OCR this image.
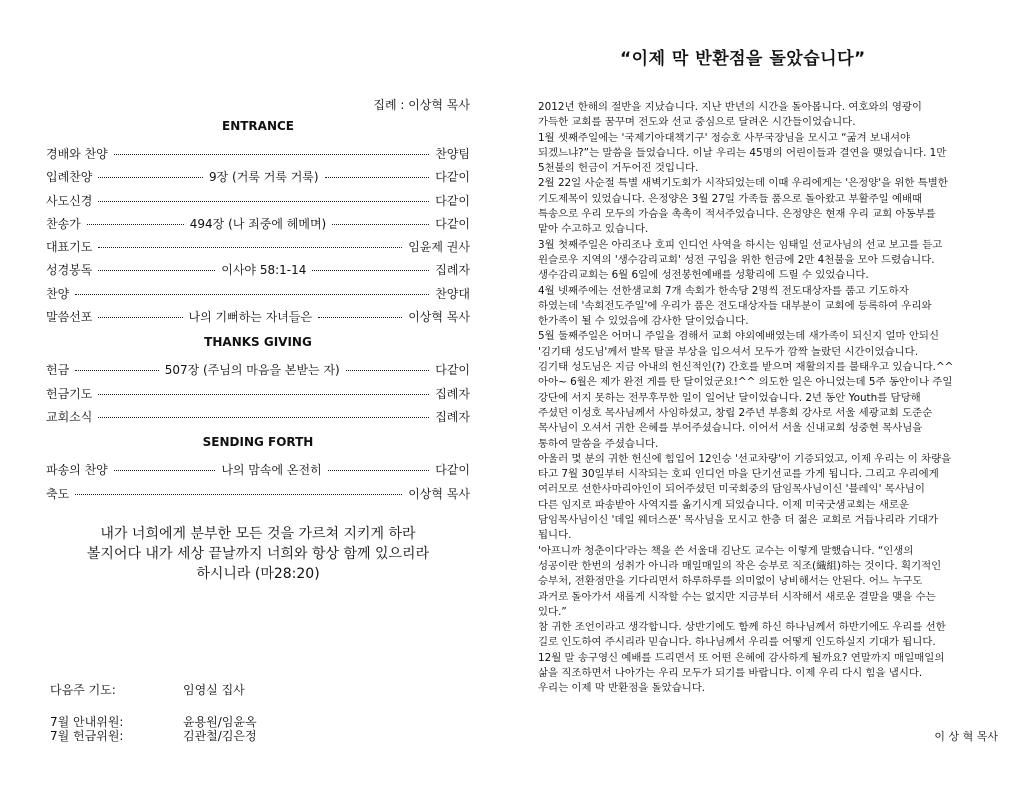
집례 : 이상혁 목사
ENTRANCE
경배와 찬양	찬양팀
입례찬양	9장 (거룩 거룩 거룩)	다같이
사도신경	다같이
찬송가	494장 (나 죄중에 헤메며)	다같이
대표기도	임윤제 권사
성경봉독	이사야 58:1-14	집례자
찬양	찬양대
말씀선포	나의 기뻐하는 자녀들은	이상혁 목사
THANKS GIVING
헌금	507장 (주님의 마음을 본받는 자)	다같이
헌금기도	집례자
교회소식	집례자
SENDING FORTH
파송의 찬양	나의 맘속에 온전히	다같이
축도	이상혁 목사
내가 너희에게 분부한 모든 것을 가르쳐 지키게 하라
볼지어다 내가 세상 끝날까지 너희와 항상 함께 있으리라
하시니라 (마28:20)
다음주 기도:	임영실 집사
7월 안내위원:	윤용원/임윤옥
7월 헌금위원:	김관철/김은정
“이제 막 반환점을 돌았습니다”

2012년 한해의 절반을 지났습니다. 지난 반년의 시간을 돌아봅니다. 여호와의 영광이

가득한 교회를 꿈꾸며 전도와 선교 중심으로 달려온 시간들이었습니다.

1월 셋째주일에는 '국제기아대책기구' 정승호 사무국장님을 모시고 “굶겨 보내셔야

되겠느냐?”는 말씀을 들었습니다. 이날 우리는 45명의 어린이들과 결연을 맺었습니다. 1만

5천불의 헌금이 거두어진 것입니다.

2월 22일 사순절 특별 새벽기도회가 시작되었는데 이때 우리에게는 '은정양'을 위한 특별한

기도제목이 있었습니다. 은정양은 3월 27일 가족들 품으로 돌아왔고 부활주일 예배때

특송으로 우리 모두의 가슴을 촉촉이 적셔주었습니다. 은정양은 현재 우리 교회 아동부를

맡아 수고하고 있습니다.

3월 첫째주일은 아리조나 호피 인디언 사역을 하시는 임태일 선교사님의 선교 보고를 듣고

윈슬로우 지역의 '생수감리교회' 성전 구입을 위한 헌금에 2만 4천불을 모아 드렸습니다.

생수감리교회는 6월 6일에 성전봉헌예배를 성황리에 드릴 수 있었습니다.

4월 넷째주에는 선한샘교회 7개 속회가 한속당 2명씩 전도대상자를 품고 기도하자

하였는데 '속회전도주일'에 우리가 품은 전도대상자들 대부분이 교회에 등록하여 우리와

한가족이 될 수 있었음에 감사한 달이었습니다.

5월 둘째주일은 어머니 주일을 겸해서 교회 야외예배였는데 새가족이 되신지 얼마 안되신

'김기태 성도님'께서 발목 탈골 부상을 입으셔서 모두가 깜짝 놀랐던 시간이었습니다.

김기태 성도님은 지금 아내의 헌신적인(?) 간호를 받으며 재활의지를 불태우고 있습니다.^^

아아~ 6월은 제가 완전 게를 탄 달이었군요!^^ 의도한 일은 아니었는데 5주 동안이나 주일

강단에 서지 못하는 전무후무한 일이 일어난 달이었습니다. 2년 동안 Youth를 담당해

주셨던 이성호 목사님께서 사임하셨고, 창립 2주년 부흥회 강사로 서울 세광교회 도준순

목사님이 오셔서 귀한 은혜를 부어주셨습니다. 이어서 서울 신내교회 성중현 목사님을

통하여 말씀을 주셨습니다.

아울러 몇 분의 귀한 헌신에 힘입어 12인승 '선교차량'이 기증되었고, 이제 우리는 이 차량을

타고 7월 30일부터 시작되는 호피 인디언 마을 단기선교를 가게 됩니다. 그리고 우리에게

여러모로 선한사마리아인이 되어주셨던 미국회중의 담임목사님이신 '블레익' 목사님이

다른 임지로 파송받아 사역지를 옮기시게 되었습니다. 이제 미국굿샘교회는 새로운

담임목사님이신 '데일 웨더스푼' 목사님을 모시고 한층 더 젊은 교회로 거듭나리라 기대가

됩니다.

'아프니까 청춘이다'라는 책을 쓴 서울대 김난도 교수는 이렇게 말했습니다. “인생의

성공이란 한번의 성취가 아니라 매일매일의 작은 승부로 직조(織組)하는 것이다. 획기적인

승부처, 전환점만을 기다리면서 하루하루를 의미없이 낭비해서는 안된다. 어느 누구도

과거로 돌아가서 새롭게 시작할 수는 없지만 지금부터 시작해서 새로운 결말을 맺을 수는

있다.”

참 귀한 조언이라고 생각합니다. 상반기에도 함께 하신 하나님께서 하반기에도 우리를 선한

길로 인도하여 주시리라 믿습니다. 하나님께서 우리를 어떻게 인도하실지 기대가 됩니다.

12월 말 송구영신 예배를 드리면서 또 어떤 은혜에 감사하게 될까요? 연말까지 매일매일의

삶을 직조하면서 나아가는 우리 모두가 되기를 바랍니다. 이제 우리 다시 힘을 냅시다.

우리는 이제 막 반환점을 돌았습니다.

이 상 혁 목사
